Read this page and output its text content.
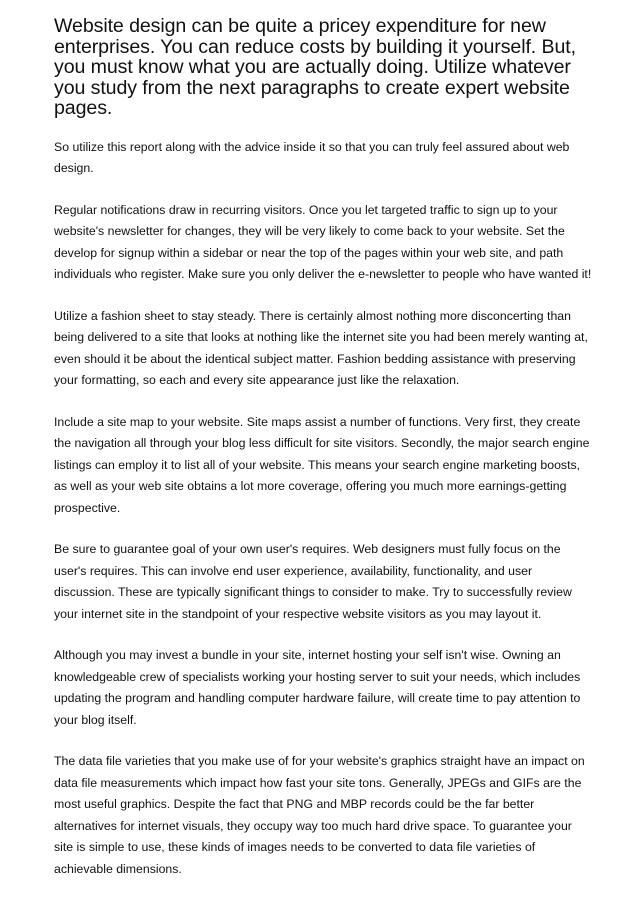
Website design can be quite a pricey expenditure for new enterprises. You can reduce costs by building it yourself. But, you must know what you are actually doing. Utilize whatever you study from the next paragraphs to create expert website pages.

So utilize this report along with the advice inside it so that you can truly feel assured about web design.

Regular notifications draw in recurring visitors. Once you let targeted traffic to sign up to your website's newsletter for changes, they will be very likely to come back to your website. Set the develop for signup within a sidebar or near the top of the pages within your web site, and path individuals who register. Make sure you only deliver the e-newsletter to people who have wanted it!

Utilize a fashion sheet to stay steady. There is certainly almost nothing more disconcerting than being delivered to a site that looks at nothing like the internet site you had been merely wanting at, even should it be about the identical subject matter. Fashion bedding assistance with preserving your formatting, so each and every site appearance just like the relaxation.

Include a site map to your website. Site maps assist a number of functions. Very first, they create the navigation all through your blog less difficult for site visitors. Secondly, the major search engine listings can employ it to list all of your website. This means your search engine marketing boosts, as well as your web site obtains a lot more coverage, offering you much more earnings-getting prospective.

Be sure to guarantee goal of your own user's requires. Web designers must fully focus on the user's requires. This can involve end user experience, availability, functionality, and user discussion. These are typically significant things to consider to make. Try to successfully review your internet site in the standpoint of your respective website visitors as you may layout it.

Although you may invest a bundle in your site, internet hosting your self isn't wise. Owning an knowledgeable crew of specialists working your hosting server to suit your needs, which includes updating the program and handling computer hardware failure, will create time to pay attention to your blog itself.

The data file varieties that you make use of for your website's graphics straight have an impact on data file measurements which impact how fast your site tons. Generally, JPEGs and GIFs are the most useful graphics. Despite the fact that PNG and MBP records could be the far better alternatives for internet visuals, they occupy way too much hard drive space. To guarantee your site is simple to use, these kinds of images needs to be converted to data file varieties of achievable dimensions.
